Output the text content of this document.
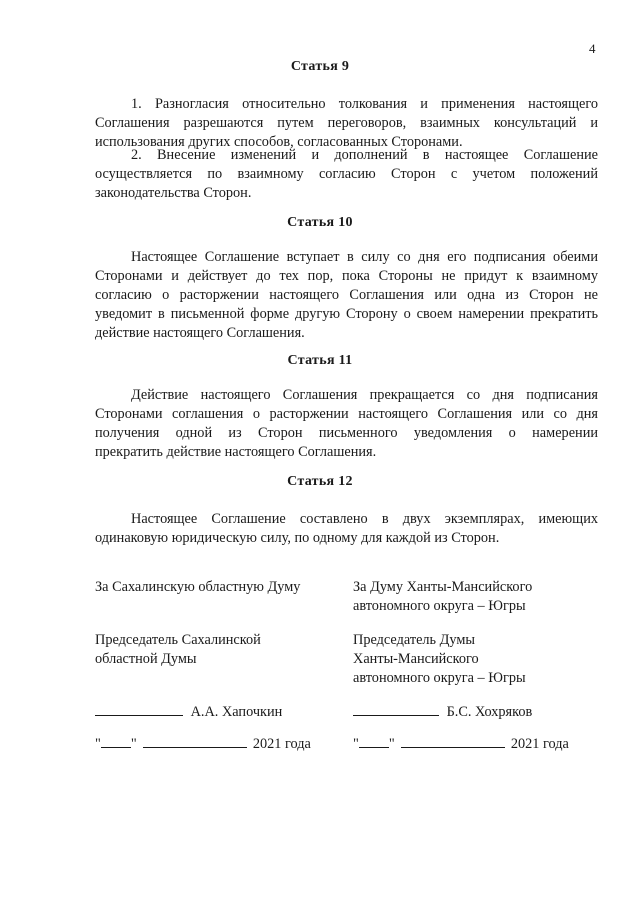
4
Статья 9
1. Разногласия относительно толкования и применения настоящего
Соглашения разрешаются путем переговоров, взаимных консультаций и
использования других способов, согласованных Сторонами.
2. Внесение изменений и дополнений в настоящее Соглашение
осуществляется по взаимному согласию Сторон с учетом положений
законодательства Сторон.
Статья 10
Настоящее Соглашение вступает в силу со дня его подписания обеими
Сторонами и действует до тех пор, пока Стороны не придут к взаимному
согласию о расторжении настоящего Соглашения или одна из Сторон не
уведомит в письменной форме другую Сторону о своем намерении прекратить
действие настоящего Соглашения.
Статья 11
Действие настоящего Соглашения прекращается со дня подписания
Сторонами соглашения о расторжении настоящего Соглашения или со дня
получения одной из Сторон письменного уведомления о намерении
прекратить действие настоящего Соглашения.
Статья 12
Настоящее Соглашение составлено в двух экземплярах, имеющих
одинаковую юридическую силу, по одному для каждой из Сторон.
За Сахалинскую областную Думу
Председатель Сахалинской
областной Думы
А.А. Хапочкин
" "	2021 года
За Думу Ханты-Мансийского
автономного округа – Югры
Председатель Думы
Ханты-Мансийского
автономного округа – Югры
Б.С. Хохряков
" "	2021 года
